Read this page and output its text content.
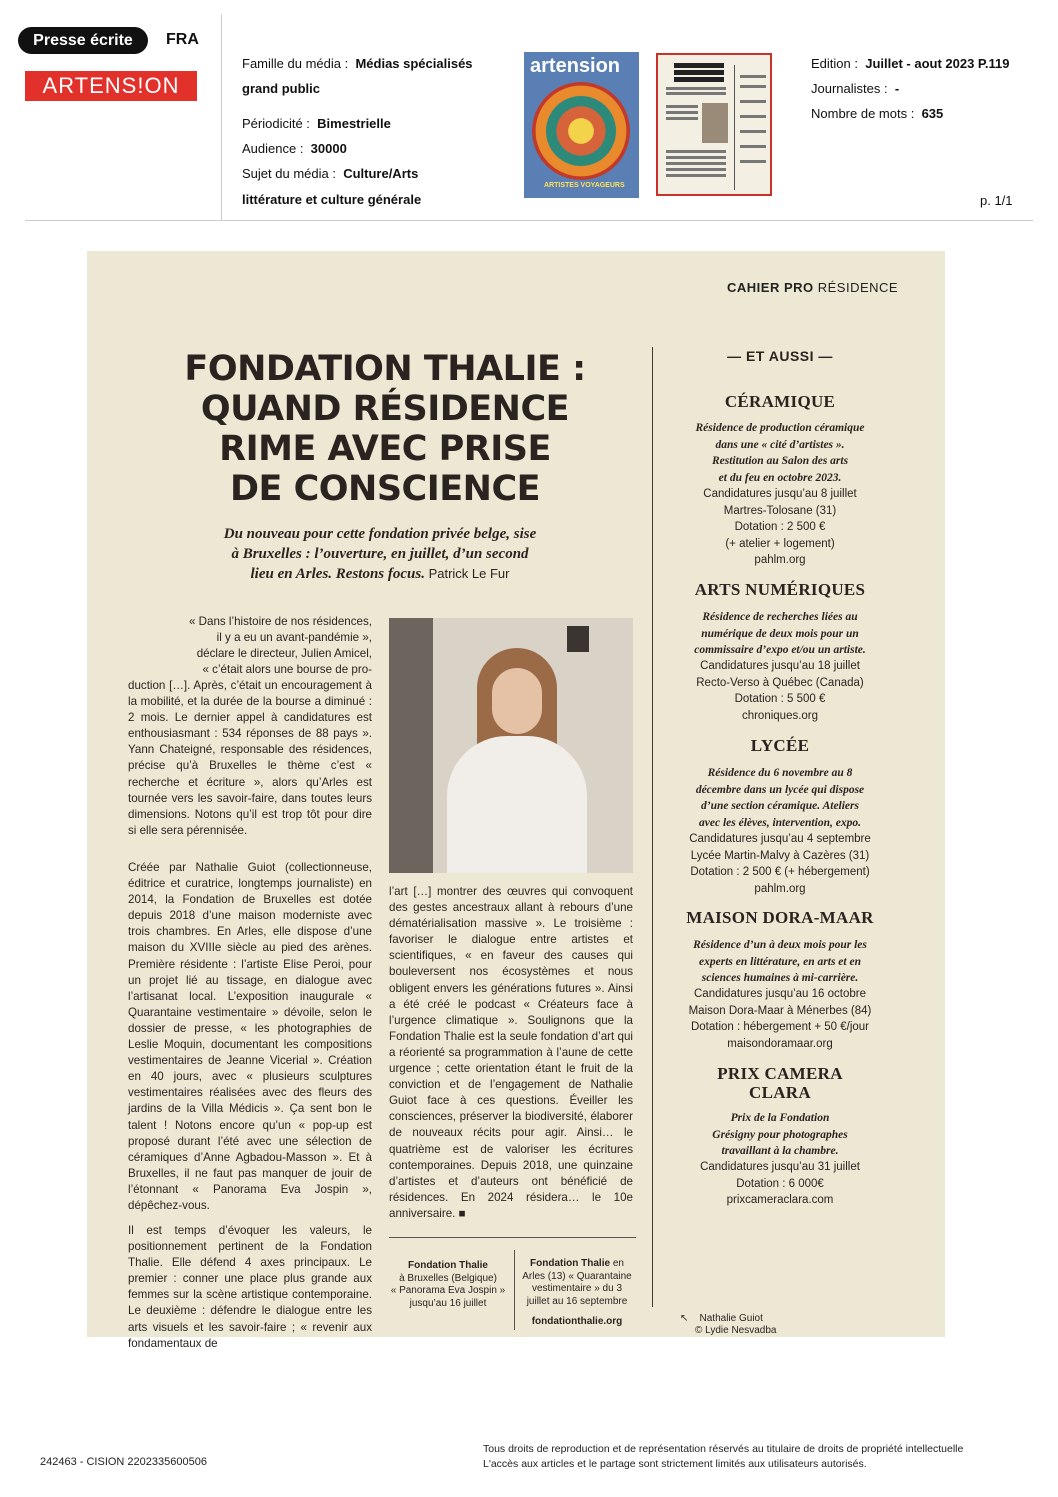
Presse écrite	FRA
ARTENS!ON
Famille du média : Médias spécialisés
grand public
Périodicité : Bimestrielle
Audience : 30000
Sujet du média : Culture/Arts
littérature et culture générale
artension
ARTISTES VOYAGEURS
Edition : Juillet - aout 2023 P.119
Journalistes : -
Nombre de mots : 635
p. 1/1
CAHIER PRO RÉSIDENCE
FONDATION THALIE :
QUAND RÉSIDENCE
RIME AVEC PRISE
DE CONSCIENCE
Du nouveau pour cette fondation privée belge, sise
à Bruxelles : l’ouverture, en juillet, d’un second
lieu en Arles. Restons focus. Patrick Le Fur
« Dans l’histoire de nos résidences,
il y a eu un avant-pandémie »,
déclare le directeur, Julien Amicel,
« c’était alors une bourse de pro-
duction […]. Après, c’était un encouragement à la mobilité, et la durée de la bourse a diminué : 2 mois. Le dernier appel à candidatures est enthousiasmant : 534 réponses de 88 pays ». Yann Chateigné, responsable des résidences, précise qu’à Bruxelles le thème c’est « recherche et écriture », alors qu’Arles est tournée vers les savoir-faire, dans toutes leurs dimensions. Notons qu’il est trop tôt pour dire si elle sera pérennisée.
Créée par Nathalie Guiot (collectionneuse, éditrice et curatrice, longtemps journaliste) en 2014, la Fondation de Bruxelles est dotée depuis 2018 d’une maison moderniste avec trois chambres. En Arles, elle dispose d’une maison du XVIIIe siècle au pied des arènes. Première résidente : l’artiste Elise Peroi, pour un projet lié au tissage, en dialogue avec l’artisanat local. L’exposition inaugurale « Quarantaine vestimentaire » dévoile, selon le dossier de presse, « les photographies de Leslie Moquin, documentant les compositions vestimentaires de Jeanne Vicerial ». Création en 40 jours, avec « plusieurs sculptures vestimentaires réalisées avec des fleurs des jardins de la Villa Médicis ». Ça sent bon le talent ! Notons encore qu’un « pop-up est proposé durant l’été avec une sélection de céramiques d’Anne Agbadou-Masson ». Et à Bruxelles, il ne faut pas manquer de jouir de l’étonnant « Panorama Eva Jospin », dépêchez-vous.
Il est temps d’évoquer les valeurs, le positionnement pertinent de la Fondation Thalie. Elle défend 4 axes principaux. Le premier : conner une place plus grande aux femmes sur la scène artistique contemporaine. Le deuxième : défendre le dialogue entre les arts visuels et les savoir-faire ; « revenir aux fondamentaux de
l’art […] montrer des œuvres qui convoquent des gestes ancestraux allant à rebours d’une dématérialisation massive ». Le troisième : favoriser le dialogue entre artistes et scientifiques, « en faveur des causes qui bouleversent nos écosystèmes et nous obligent envers les générations futures ». Ainsi a été créé le podcast « Créateurs face à l’urgence climatique ». Soulignons que la Fondation Thalie est la seule fondation d’art qui a réorienté sa programmation à l’aune de cette urgence ; cette orientation étant le fruit de la conviction et de l’engagement de Nathalie Guiot face à ces questions. Éveiller les consciences, préserver la biodiversité, élaborer de nouveaux récits pour agir. Ainsi… le quatrième est de valoriser les écritures contemporaines. Depuis 2018, une quinzaine d’artistes et d’auteurs ont bénéficié de résidences. En 2024 résidera… le 10e anniversaire. ■
Fondation Thalie
à Bruxelles (Belgique)
« Panorama Eva Jospin »
jusqu’au 16 juillet
Fondation Thalie en
Arles (13) « Quarantaine
vestimentaire » du 3
juillet au 16 septembre
fondationthalie.org
— ET AUSSI —
CÉRAMIQUE
Résidence de production céramique
dans une « cité d’artistes ».
Restitution au Salon des arts
et du feu en octobre 2023.
Candidatures jusqu’au 8 juillet
Martres-Tolosane (31)
Dotation : 2 500 €
(+ atelier + logement)
pahlm.org
ARTS NUMÉRIQUES
Résidence de recherches liées au
numérique de deux mois pour un
commissaire d’expo et/ou un artiste.
Candidatures jusqu’au 18 juillet
Recto-Verso à Québec (Canada)
Dotation : 5 500 €
chroniques.org
LYCÉE
Résidence du 6 novembre au 8
décembre dans un lycée qui dispose
d’une section céramique. Ateliers
avec les élèves, intervention, expo.
Candidatures jusqu’au 4 septembre
Lycée Martin-Malvy à Cazères (31)
Dotation : 2 500 € (+ hébergement)
pahlm.org
MAISON DORA-MAAR
Résidence d’un à deux mois pour les
experts en littérature, en arts et en
sciences humaines à mi-carrière.
Candidatures jusqu’au 16 octobre
Maison Dora-Maar à Ménerbes (84)
Dotation : hébergement + 50 €/jour
maisondoramaar.org
PRIX CAMERA CLARA
Prix de la Fondation
Grésigny pour photographes
travaillant à la chambre.
Candidatures jusqu’au 31 juillet
Dotation : 6 000€
prixcameraclara.com
↖ Nathalie Guiot
© Lydie Nesvadba
242463 - CISION 2202335600506
Tous droits de reproduction et de représentation réservés au titulaire de droits de propriété intellectuelle
L'accès aux articles et le partage sont strictement limités aux utilisateurs autorisés.
